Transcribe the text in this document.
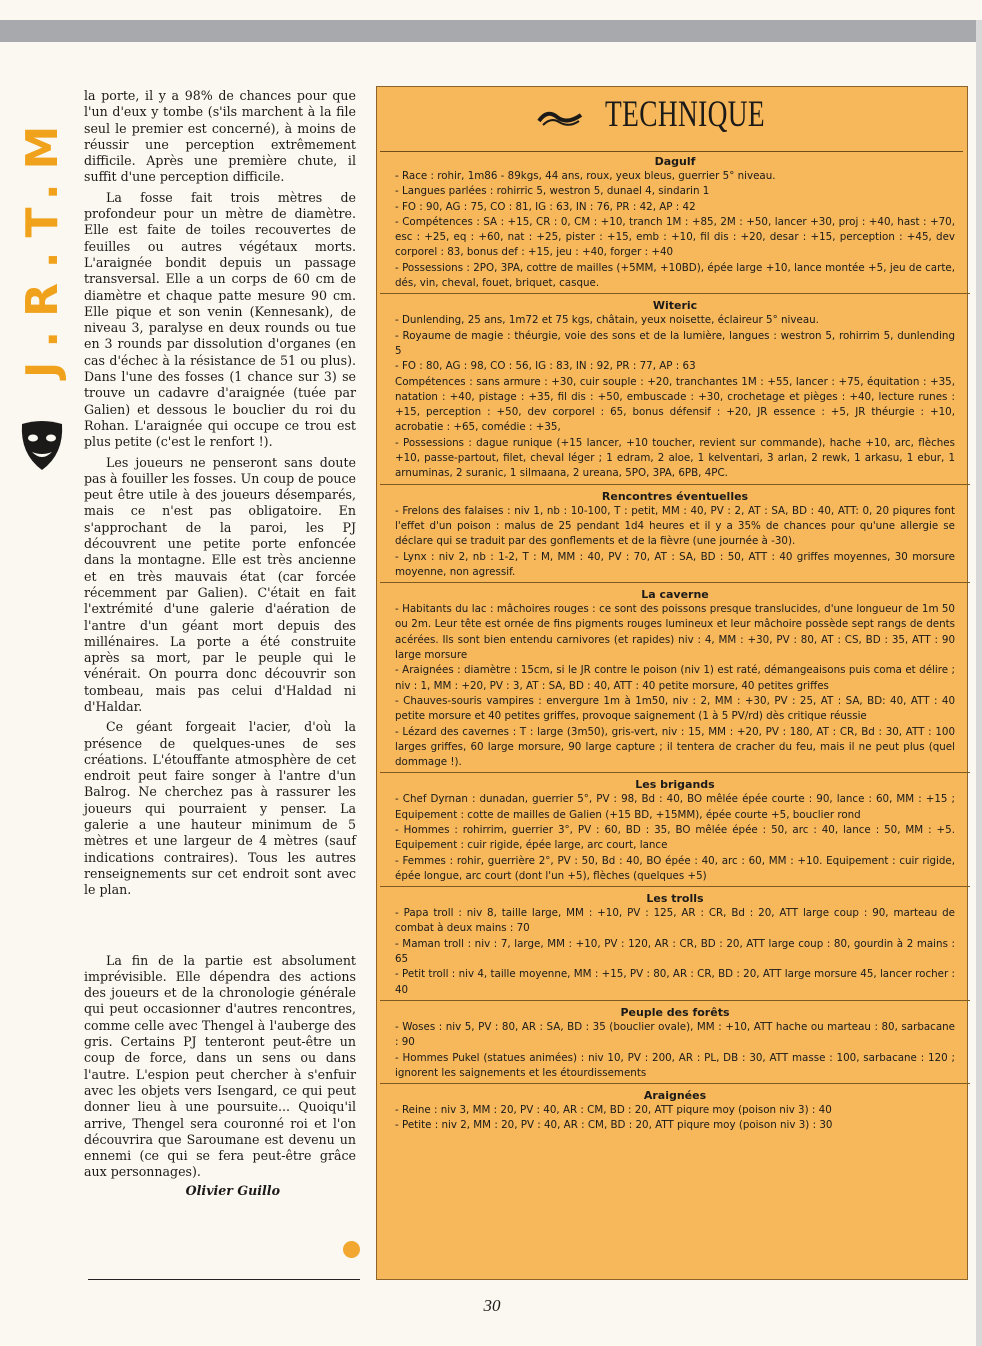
J.R.T.M

la porte, il y a 98% de chances pour que l'un d'eux y tombe (s'ils marchent à la file seul le premier est concerné), à moins de réussir une perception extrêmement difficile. Après une première chute, il suffit d'une perception difficile.

La fosse fait trois mètres de profondeur pour un mètre de diamètre. Elle est faite de toiles recouvertes de feuilles ou autres végétaux morts. L'araignée bondit depuis un passage transversal. Elle a un corps de 60 cm de diamètre et chaque patte mesure 90 cm. Elle pique et son venin (Kennesank), de niveau 3, paralyse en deux rounds ou tue en 3 rounds par dissolution d'organes (en cas d'échec à la résistance de 51 ou plus). Dans l'une des fosses (1 chance sur 3) se trouve un cadavre d'araignée (tuée par Galien) et dessous le bouclier du roi du Rohan. L'araignée qui occupe ce trou est plus petite (c'est le renfort !).

Les joueurs ne penseront sans doute pas à fouiller les fosses. Un coup de pouce peut être utile à des joueurs désemparés, mais ce n'est pas obligatoire. En s'approchant de la paroi, les PJ découvrent une petite porte enfoncée dans la montagne. Elle est très ancienne et en très mauvais état (car forcée récemment par Galien). C'était en fait l'extrémité d'une galerie d'aération de l'antre d'un géant mort depuis des millénaires. La porte a été construite après sa mort, par le peuple qui le vénérait. On pourra donc découvrir son tombeau, mais pas celui d'Haldad ni d'Haldar.

Ce géant forgeait l'acier, d'où la présence de quelques-unes de ses créations. L'étouffante atmosphère de cet endroit peut faire songer à l'antre d'un Balrog. Ne cherchez pas à rassurer les joueurs qui pourraient y penser. La galerie a une hauteur minimum de 5 mètres et une largeur de 4 mètres (sauf indications contraires). Tous les autres renseignements sur cet endroit sont avec le plan.

La fin de la partie est absolument imprévisible. Elle dépendra des actions des joueurs et de la chronologie générale qui peut occasionner d'autres rencontres, comme celle avec Thengel à l'auberge des gris. Certains PJ tenteront peut-être un coup de force, dans un sens ou dans l'autre. L'espion peut chercher à s'enfuir avec les objets vers Isengard, ce qui peut donner lieu à une poursuite... Quoiqu'il arrive, Thengel sera couronné roi et l'on découvrira que Saroumane est devenu un ennemi (ce qui se fera peut-être grâce aux personnages).

Olivier Guillo
TECHNIQUE
Dagulf
- Race : rohir, 1m86 - 89kgs, 44 ans, roux, yeux bleus, guerrier 5° niveau.
- Langues parlées : rohirric 5, westron 5, dunael 4, sindarin 1
- FO : 90, AG : 75, CO : 81, IG : 63, IN : 76, PR : 42, AP : 42
- Compétences : SA : +15, CR : 0, CM : +10, tranch 1M : +85, 2M : +50, lancer +30, proj : +40, hast : +70, esc : +25, eq : +60, nat : +25, pister : +15, emb : +10, fil dis : +20, desar : +15, perception : +45, dev corporel : 83, bonus def : +15, jeu : +40, forger : +40
- Possessions : 2PO, 3PA, cottre de mailles (+5MM, +10BD), épée large +10, lance montée +5, jeu de carte, dés, vin, cheval, fouet, briquet, casque.
Witeric
- Dunlending, 25 ans, 1m72 et 75 kgs, châtain, yeux noisette, éclaireur 5° niveau.
- Royaume de magie : théurgie, voie des sons et de la lumière, langues : westron 5, rohirrim 5, dunlending 5
- FO : 80, AG : 98, CO : 56, IG : 83, IN : 92, PR : 77, AP : 63
Compétences : sans armure : +30, cuir souple : +20, tranchantes 1M : +55, lancer : +75, équitation : +35, natation : +40, pistage : +35, fil dis : +50, embuscade : +30, crochetage et pièges : +40, lecture runes : +15, perception : +50, dev corporel : 65, bonus défensif : +20, JR essence : +5, JR théurgie : +10, acrobatie : +65, comédie : +35,
- Possessions : dague runique (+15 lancer, +10 toucher, revient sur commande), hache +10, arc, flèches +10, passe-partout, filet, cheval léger ; 1 edram, 2 aloe, 1 kelventari, 3 arlan, 2 rewk, 1 arkasu, 1 ebur, 1 arnuminas, 2 suranic, 1 silmaana, 2 ureana, 5PO, 3PA, 6PB, 4PC.
Rencontres éventuelles
- Frelons des falaises : niv 1, nb : 10-100, T : petit, MM : 40, PV : 2, AT : SA, BD : 40, ATT: 0, 20 piqures font l'effet d'un poison : malus de 25 pendant 1d4 heures et il y a 35% de chances pour qu'une allergie se déclare qui se traduit par des gonflements et de la fièvre (une journée à -30).
- Lynx : niv 2, nb : 1-2, T : M, MM : 40, PV : 70, AT : SA, BD : 50, ATT : 40 griffes moyennes, 30 morsure moyenne, non agressif.
La caverne
- Habitants du lac : mâchoires rouges : ce sont des poissons presque translucides, d'une longueur de 1m 50 ou 2m. Leur tête est ornée de fins pigments rouges lumineux et leur mâchoire possède sept rangs de dents acérées. Ils sont bien entendu carnivores (et rapides) niv : 4, MM : +30, PV : 80, AT : CS, BD : 35, ATT : 90 large morsure
- Araignées : diamètre : 15cm, si le JR contre le poison (niv 1) est raté, démangeaisons puis coma et délire ; niv : 1, MM : +20, PV : 3, AT : SA, BD : 40, ATT : 40 petite morsure, 40 petites griffes
- Chauves-souris vampires : envergure 1m à 1m50, niv : 2, MM : +30, PV : 25, AT : SA, BD: 40, ATT : 40 petite morsure et 40 petites griffes, provoque saignement (1 à 5 PV/rd) dès critique réussie
- Lézard des cavernes : T : large (3m50), gris-vert, niv : 15, MM : +20, PV : 180, AT : CR, Bd : 30, ATT : 100 larges griffes, 60 large morsure, 90 large capture ; il tentera de cracher du feu, mais il ne peut plus (quel dommage !).
Les brigands
- Chef Dyrnan : dunadan, guerrier 5°, PV : 98, Bd : 40, BO mêlée épée courte : 90, lance : 60, MM : +15 ; Equipement : cotte de mailles de Galien (+15 BD, +15MM), épée courte +5, bouclier rond
- Hommes : rohirrim, guerrier 3°, PV : 60, BD : 35, BO mêlée épée : 50, arc : 40, lance : 50, MM : +5. Equipement : cuir rigide, épée large, arc court, lance
- Femmes : rohir, guerrière 2°, PV : 50, Bd : 40, BO épée : 40, arc : 60, MM : +10. Equipement : cuir rigide, épée longue, arc court (dont l'un +5), flèches (quelques +5)
Les trolls
- Papa troll : niv 8, taille large, MM : +10, PV : 125, AR : CR, Bd : 20, ATT large coup : 90, marteau de combat à deux mains : 70
- Maman troll : niv : 7, large, MM : +10, PV : 120, AR : CR, BD : 20, ATT large coup : 80, gourdin à 2 mains : 65
- Petit troll : niv 4, taille moyenne, MM : +15, PV : 80, AR : CR, BD : 20, ATT large morsure 45, lancer rocher : 40
Peuple des forêts
- Woses : niv 5, PV : 80, AR : SA, BD : 35 (bouclier ovale), MM : +10, ATT hache ou marteau : 80, sarbacane : 90
- Hommes Pukel (statues animées) : niv 10, PV : 200, AR : PL, DB : 30, ATT masse : 100, sarbacane : 120 ; ignorent les saignements et les étourdissements
Araignées
- Reine : niv 3, MM : 20, PV : 40, AR : CM, BD : 20, ATT piqure moy (poison niv 3) : 40
- Petite : niv 2, MM : 20, PV : 40, AR : CM, BD : 20, ATT piqure moy (poison niv 3) : 30
30
